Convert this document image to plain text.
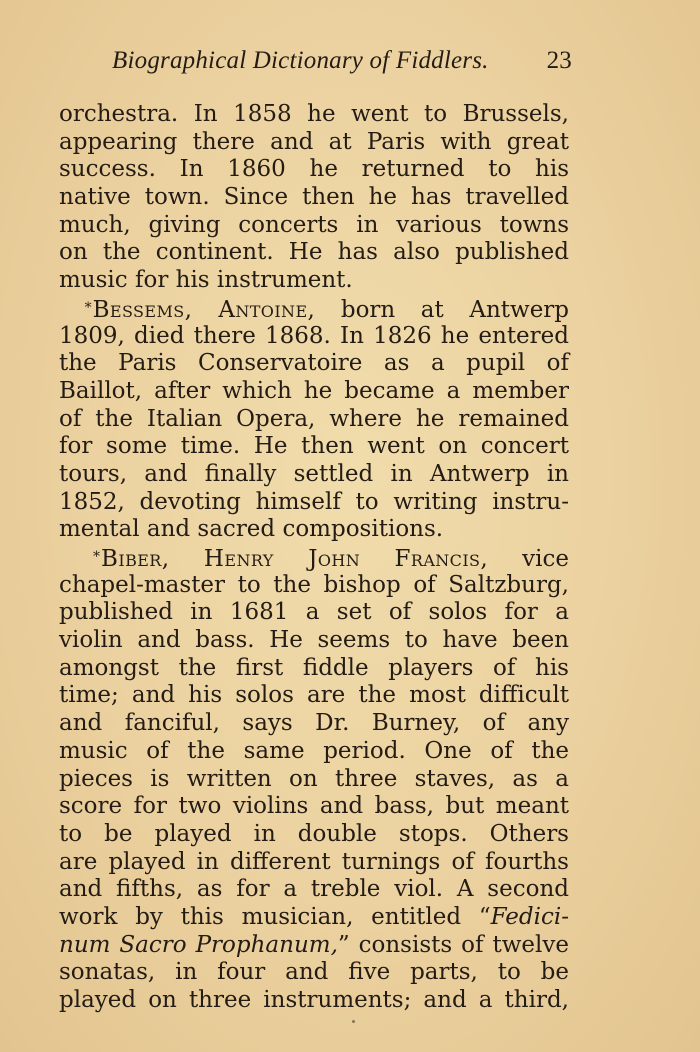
Biographical Dictionary of Fiddlers. 23
orchestra. In 1858 he went to Brussels,
appearing there and at Paris with great
success. In 1860 he returned to his
native town. Since then he has travelled
much, giving concerts in various towns
on the continent. He has also published
music for his instrument.
*Bessems, Antoine, born at Antwerp
1809, died there 1868. In 1826 he entered
the Paris Conservatoire as a pupil of
Baillot, after which he became a member
of the Italian Opera, where he remained
for some time. He then went on concert
tours, and finally settled in Antwerp in
1852, devoting himself to writing instru-
mental and sacred compositions.
*Biber, Henry John Francis, vice
chapel-master to the bishop of Saltzburg,
published in 1681 a set of solos for a
violin and bass. He seems to have been
amongst the first fiddle players of his
time; and his solos are the most difficult
and fanciful, says Dr. Burney, of any
music of the same period. One of the
pieces is written on three staves, as a
score for two violins and bass, but meant
to be played in double stops. Others
are played in different turnings of fourths
and fifths, as for a treble viol. A second
work by this musician, entitled “Fedici-
num Sacro Prophanum,” consists of twelve
sonatas, in four and five parts, to be
played on three instruments; and a third,
